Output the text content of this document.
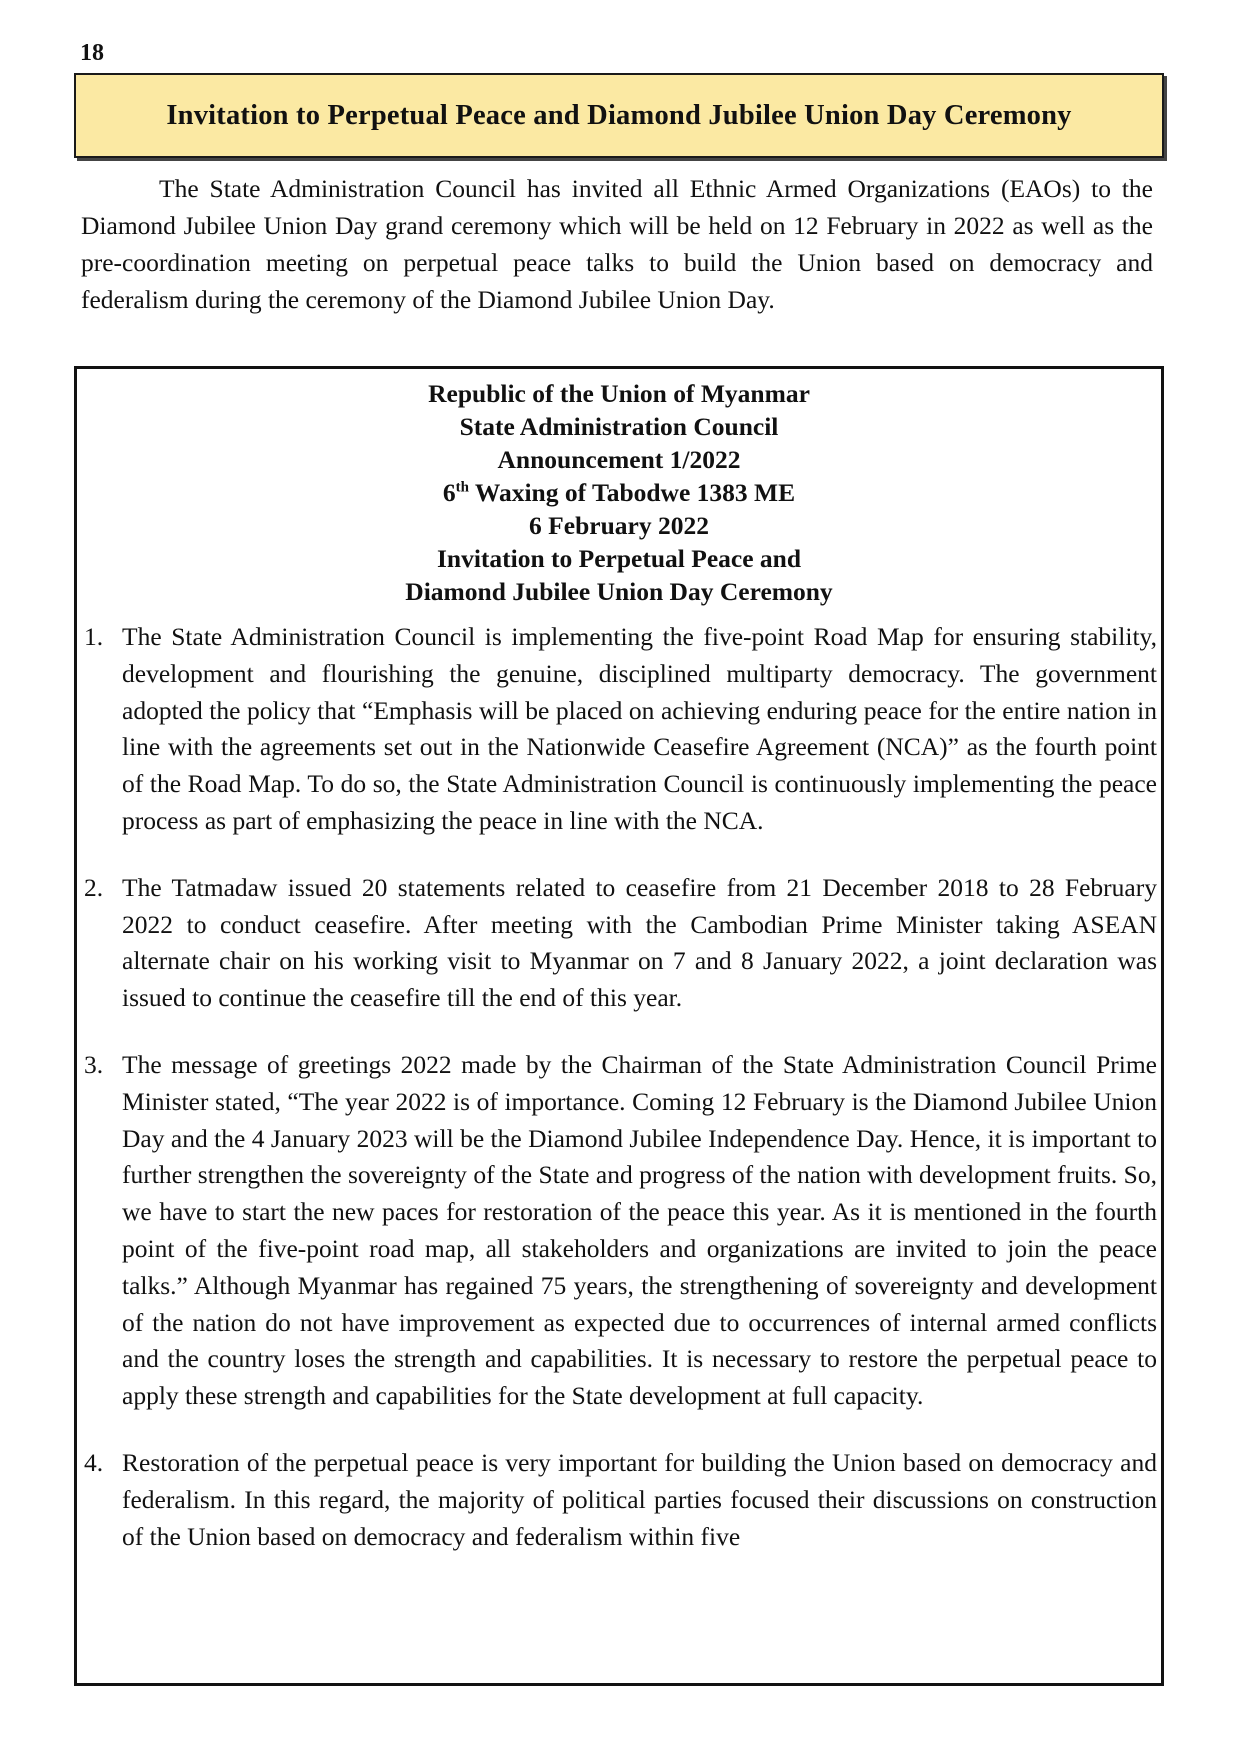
18
Invitation to Perpetual Peace and Diamond Jubilee Union Day Ceremony

The State Administration Council has invited all Ethnic Armed Organizations (EAOs) to the Diamond Jubilee Union Day grand ceremony which will be held on 12 February in 2022 as well as the pre-coordination meeting on perpetual peace talks to build the Union based on democracy and federalism during the ceremony of the Diamond Jubilee Union Day.

Republic of the Union of Myanmar
State Administration Council
Announcement 1/2022
6th Waxing of Tabodwe 1383 ME
6 February 2022
Invitation to Perpetual Peace and
Diamond Jubilee Union Day Ceremony
1. The State Administration Council is implementing the five-point Road Map for ensuring stability, development and flourishing the genuine, disciplined multiparty democracy. The government adopted the policy that “Emphasis will be placed on achieving enduring peace for the entire nation in line with the agreements set out in the Nationwide Ceasefire Agreement (NCA)” as the fourth point of the Road Map. To do so, the State Administration Council is continuously implementing the peace process as part of emphasizing the peace in line with the NCA.
2. The Tatmadaw issued 20 statements related to ceasefire from 21 December 2018 to 28 February 2022 to conduct ceasefire. After meeting with the Cambodian Prime Minister taking ASEAN alternate chair on his working visit to Myanmar on 7 and 8 January 2022, a joint declaration was issued to continue the ceasefire till the end of this year.
3. The message of greetings 2022 made by the Chairman of the State Administration Council Prime Minister stated, “The year 2022 is of importance. Coming 12 February is the Diamond Jubilee Union Day and the 4 January 2023 will be the Diamond Jubilee Independence Day. Hence, it is important to further strengthen the sovereignty of the State and progress of the nation with development fruits. So, we have to start the new paces for restoration of the peace this year. As it is mentioned in the fourth point of the five-point road map, all stakeholders and organizations are invited to join the peace talks.” Although Myanmar has regained 75 years, the strengthening of sovereignty and development of the nation do not have improvement as expected due to occurrences of internal armed conflicts and the country loses the strength and capabilities. It is necessary to restore the perpetual peace to apply these strength and capabilities for the State development at full capacity.
4. Restoration of the perpetual peace is very important for building the Union based on democracy and federalism. In this regard, the majority of political parties focused their discussions on construction of the Union based on democracy and federalism within five
